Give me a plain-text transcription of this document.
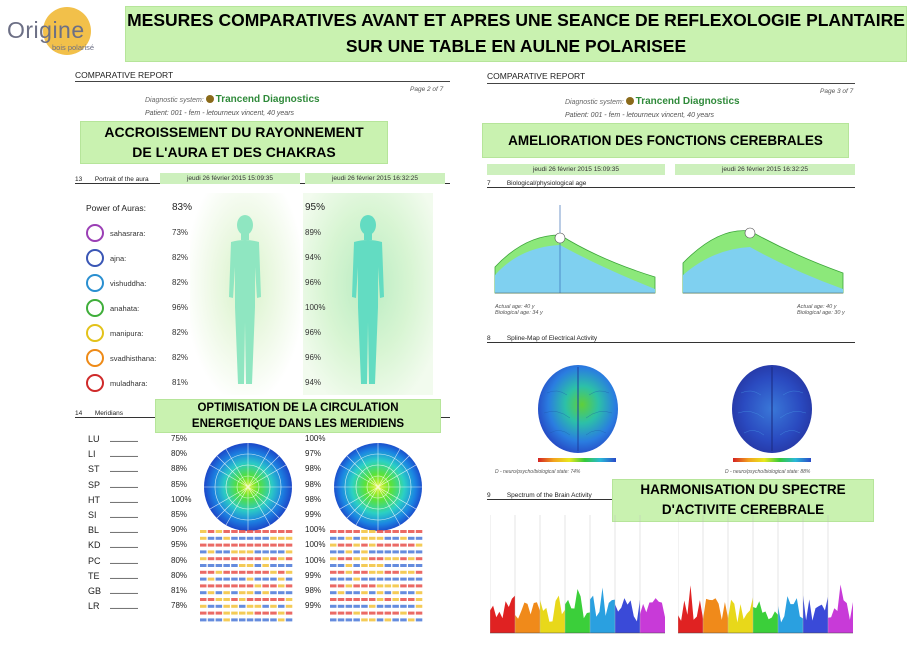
Origine
bois polarisé
MESURES COMPARATIVES AVANT ET APRES UNE SEANCE DE REFLEXOLOGIE PLANTAIRE
SUR UNE TABLE EN AULNE POLARISEE
COMPARATIVE REPORT
Page 2 of 7
Diagnostic system: Trancend Diagnostics
Patient: 001 - fem - letourneux vincent, 40 years
ACCROISSEMENT DU RAYONNEMENT
DE L'AURA ET DES CHAKRAS
13 Portrait of the aura	jeudi 26 février 2015 15:09:35	jeudi 26 février 2015 16:32:25
Power of Auras:	83%	95%
sahasrara:	73%	89%
ajna:	82%	94%
vishuddha:	82%	96%
anahata:	96%	100%
manipura:	82%	96%
svadhisthana: 82%	96%
muladhara:	81%	94%
14 Meridians	OPTIMISATION DE LA CIRCULATION
ENERGETIQUE DANS LES MERIDIENS
LU	▬▬▬▬▬▬▬▬	75%	100%
LI	▬▬▬▬▬▬▬▬	80%	97%
ST	▬▬▬▬▬▬▬▬	88%	98%
SP	▬▬▬▬▬▬▬▬	85%	98%
HT	▬▬▬▬▬▬▬▬	100%	98%
SI	▬▬▬▬▬▬▬▬	85%	99%
BL	▬▬▬▬▬▬▬▬	90%	100%
KD	▬▬▬▬▬▬▬▬	95%	100%
PC	▬▬▬▬▬▬▬▬	80%	100%
TE	▬▬▬▬▬▬▬▬	80%	99%
GB	▬▬▬▬▬▬▬▬	81%	98%
LR	▬▬▬▬▬▬▬▬	78%	99%
COMPARATIVE REPORT
Page 3 of 7
Diagnostic system: Trancend Diagnostics
Patient: 001 - fem - letourneux vincent, 40 years
AMELIORATION DES FONCTIONS CEREBRALES
jeudi 26 février 2015 15:09:35	jeudi 26 février 2015 16:32:25
7 Biological/physiological age
Actual age: 40 y
Biological age: 34 y
Actual age: 40 y
Biological age: 30 y
8 Spline-Map of Electrical Activity
D - neuro/psycho/biological state: 74%	D - neuro/psycho/biological state: 88%
9 Spectrum of the Brain Activity	HARMONISATION DU SPECTRE
D'ACTIVITE CEREBRALE
